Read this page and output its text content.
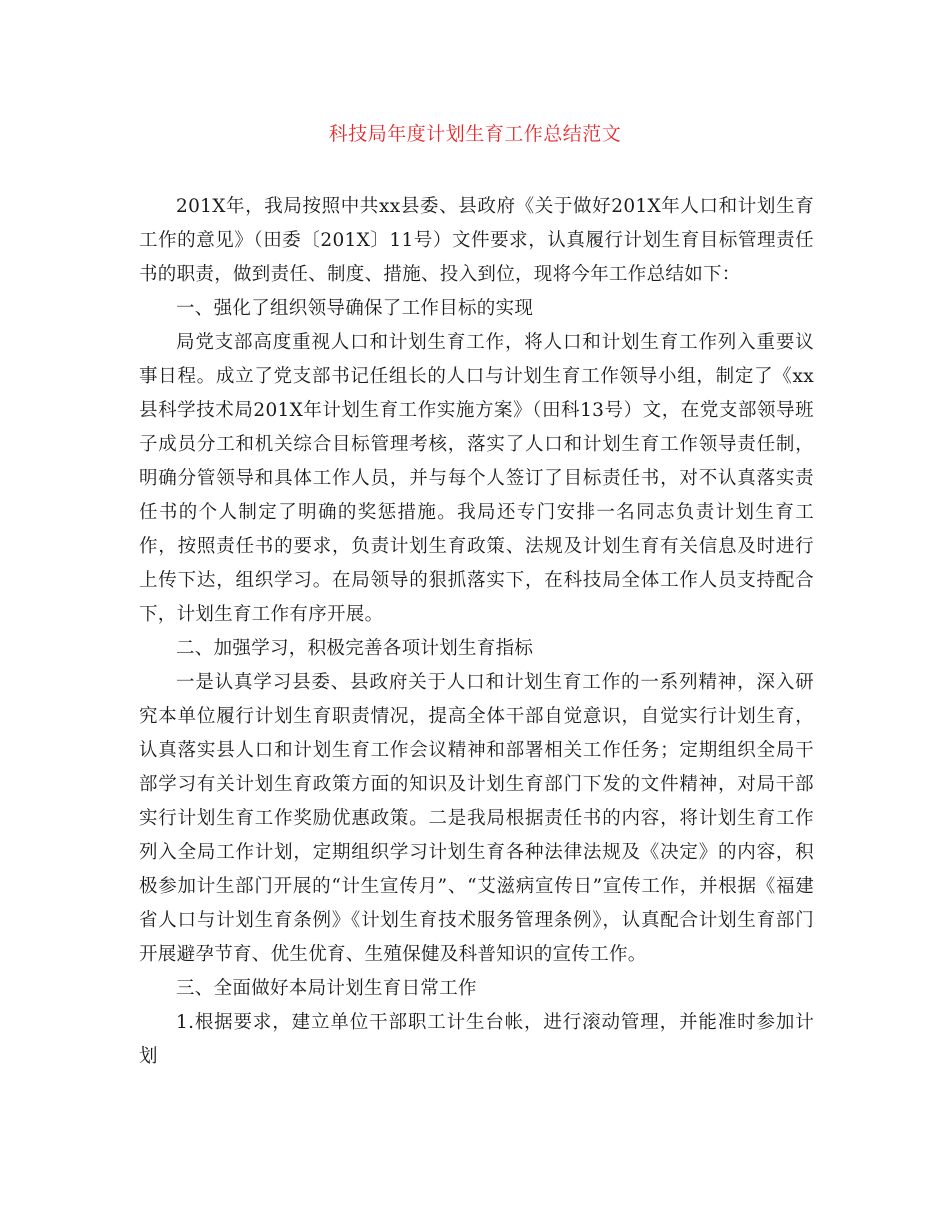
科技局年度计划生育工作总结范文

201X年，我局按照中共xx县委、县政府《关于做好201X年人口和计划生育工作的意见》（田委〔201X〕11号）文件要求，认真履行计划生育目标管理责任书的职责，做到责任、制度、措施、投入到位，现将今年工作总结如下：

一、强化了组织领导确保了工作目标的实现

局党支部高度重视人口和计划生育工作，将人口和计划生育工作列入重要议事日程。成立了党支部书记任组长的人口与计划生育工作领导小组，制定了《xx县科学技术局201X年计划生育工作实施方案》（田科13号）文，在党支部领导班子成员分工和机关综合目标管理考核，落实了人口和计划生育工作领导责任制，明确分管领导和具体工作人员，并与每个人签订了目标责任书，对不认真落实责任书的个人制定了明确的奖惩措施。我局还专门安排一名同志负责计划生育工作，按照责任书的要求，负责计划生育政策、法规及计划生育有关信息及时进行上传下达，组织学习。在局领导的狠抓落实下，在科技局全体工作人员支持配合下，计划生育工作有序开展。

二、加强学习，积极完善各项计划生育指标

一是认真学习县委、县政府关于人口和计划生育工作的一系列精神，深入研究本单位履行计划生育职责情况，提高全体干部自觉意识，自觉实行计划生育，认真落实县人口和计划生育工作会议精神和部署相关工作任务；定期组织全局干部学习有关计划生育政策方面的知识及计划生育部门下发的文件精神，对局干部实行计划生育工作奖励优惠政策。二是我局根据责任书的内容，将计划生育工作列入全局工作计划，定期组织学习计划生育各种法律法规及《决定》的内容，积极参加计生部门开展的“计生宣传月”、“艾滋病宣传日”宣传工作，并根据《福建省人口与计划生育条例》《计划生育技术服务管理条例》，认真配合计划生育部门开展避孕节育、优生优育、生殖保健及科普知识的宣传工作。

三、全面做好本局计划生育日常工作

1.根据要求，建立单位干部职工计生台帐，进行滚动管理，并能准时参加计划
